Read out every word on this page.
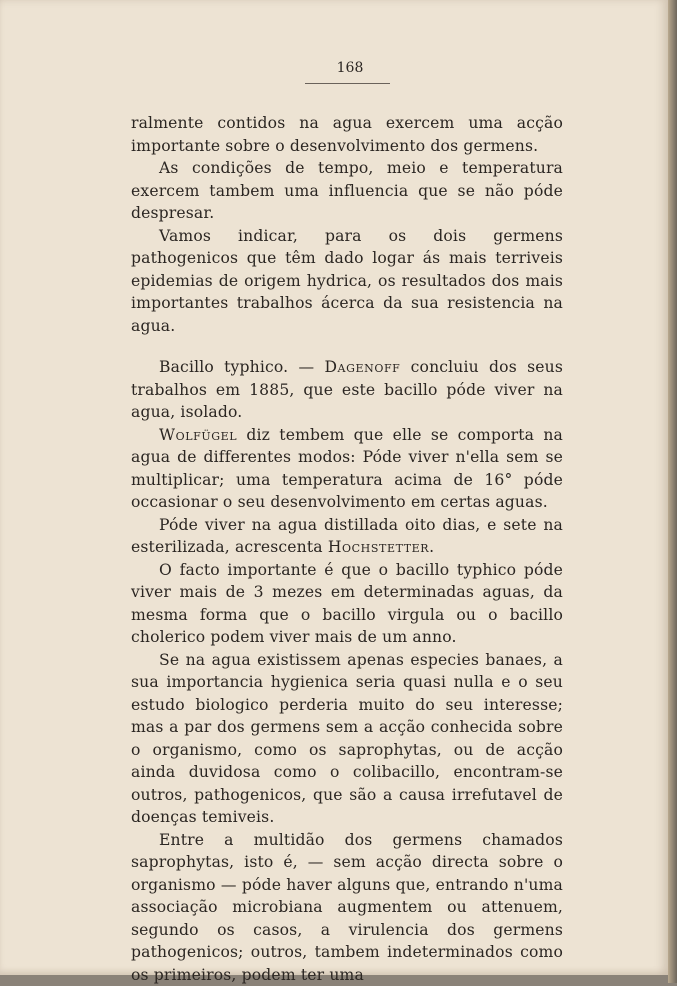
168

ralmente contidos na agua exercem uma acção importante sobre o desenvolvimento dos germens.

As condições de tempo, meio e temperatura exercem tambem uma influencia que se não póde despresar.

Vamos indicar, para os dois germens pathogenicos que têm dado logar ás mais terriveis epidemias de origem hydrica, os resultados dos mais importantes trabalhos ácerca da sua resistencia na agua.

Bacillo typhico. — Dagenoff concluiu dos seus trabalhos em 1885, que este bacillo póde viver na agua, isolado.

Wolfügel diz tembem que elle se comporta na agua de differentes modos: Póde viver n'ella sem se multiplicar; uma temperatura acima de 16° póde occasionar o seu desenvolvimento em certas aguas.

Póde viver na agua distillada oito dias, e sete na esterilizada, acrescenta Hochstetter.

O facto importante é que o bacillo typhico póde viver mais de 3 mezes em determinadas aguas, da mesma forma que o bacillo virgula ou o bacillo cholerico podem viver mais de um anno.

Se na agua existissem apenas especies banaes, a sua importancia hygienica seria quasi nulla e o seu estudo biologico perderia muito do seu interesse; mas a par dos germens sem a acção conhecida sobre o organismo, como os saprophytas, ou de acção ainda duvidosa como o colibacillo, encontram-se outros, pathogenicos, que são a causa irrefutavel de doenças temiveis.

Entre a multidão dos germens chamados saprophytas, isto é, — sem acção directa sobre o organismo — póde haver alguns que, entrando n'uma associação microbiana augmentem ou attenuem, segundo os casos, a virulencia dos germens pathogenicos; outros, tambem indeterminados como os primeiros, podem ter uma
